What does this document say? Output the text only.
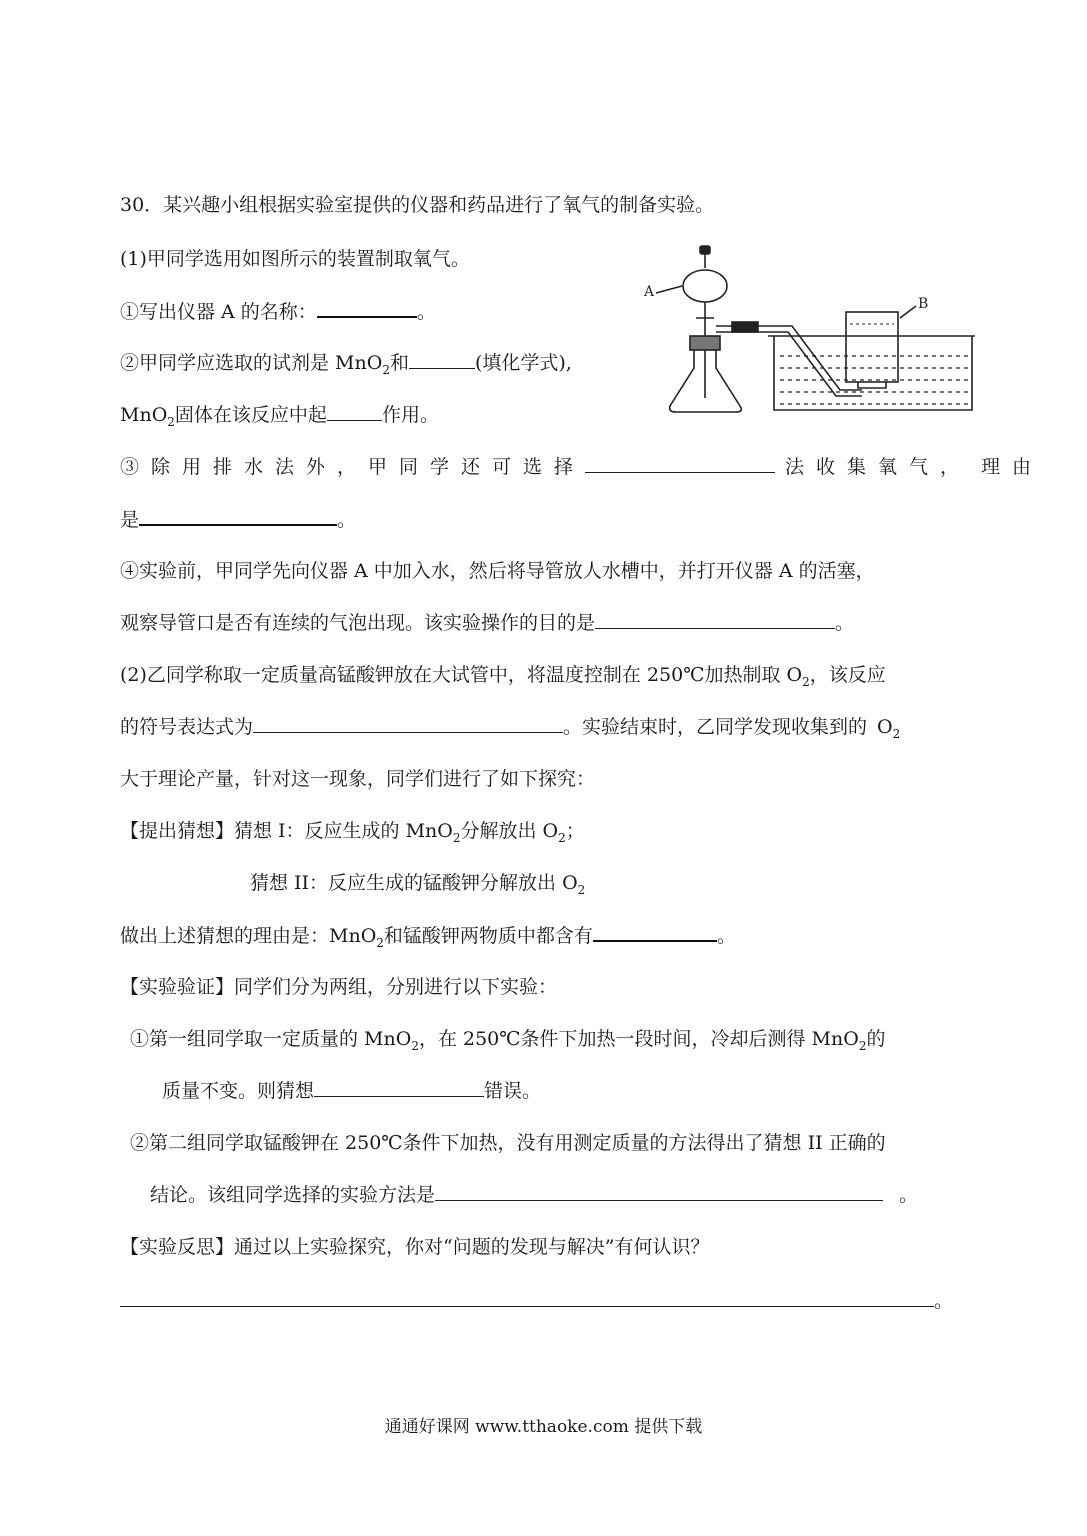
30．某兴趣小组根据实验室提供的仪器和药品进行了氧气的制备实验。
(1)甲同学选用如图所示的装置制取氧气。
①写出仪器 A 的名称：	。
②甲同学应选取的试剂是 MnO$_2$和	(填化学式),
MnO$_2$固体在该反应中起	作用。
A
B
③除用排水法外，甲同学还可选择	法收集氧气， 理由
是	。
④实验前，甲同学先向仪器 A 中加入水，然后将导管放人水槽中，并打开仪器 A 的活塞，
观察导管口是否有连续的气泡出现。该实验操作的目的是	。
(2)乙同学称取一定质量高锰酸钾放在大试管中，将温度控制在 250℃加热制取 $O_2$，该反应
的符号表达式为	。实验结束时，乙同学发现收集到的 $O_2$
大于理论产量，针对这一现象，同学们进行了如下探究：
【提出猜想】猜想 I：反应生成的 MnO$_2$分解放出 $O_2$；
猜想 II：反应生成的锰酸钾分解放出 $O_2$
做出上述猜想的理由是：MnO$_2$和锰酸钾两物质中都含有	。
【实验验证】同学们分为两组，分别进行以下实验：
①第一组同学取一定质量的 MnO$_2$，在 250℃条件下加热一段时间，冷却后测得 MnO$_2$的
质量不变。则猜想	错误。
②第二组同学取锰酸钾在 250℃条件下加热，没有用测定质量的方法得出了猜想 II 正确的
结论。该组同学选择的实验方法是	。
【实验反思】通过以上实验探究，你对“问题的发现与解决”有何认识？
。
通通好课网 www.tthaoke.com 提供下载
